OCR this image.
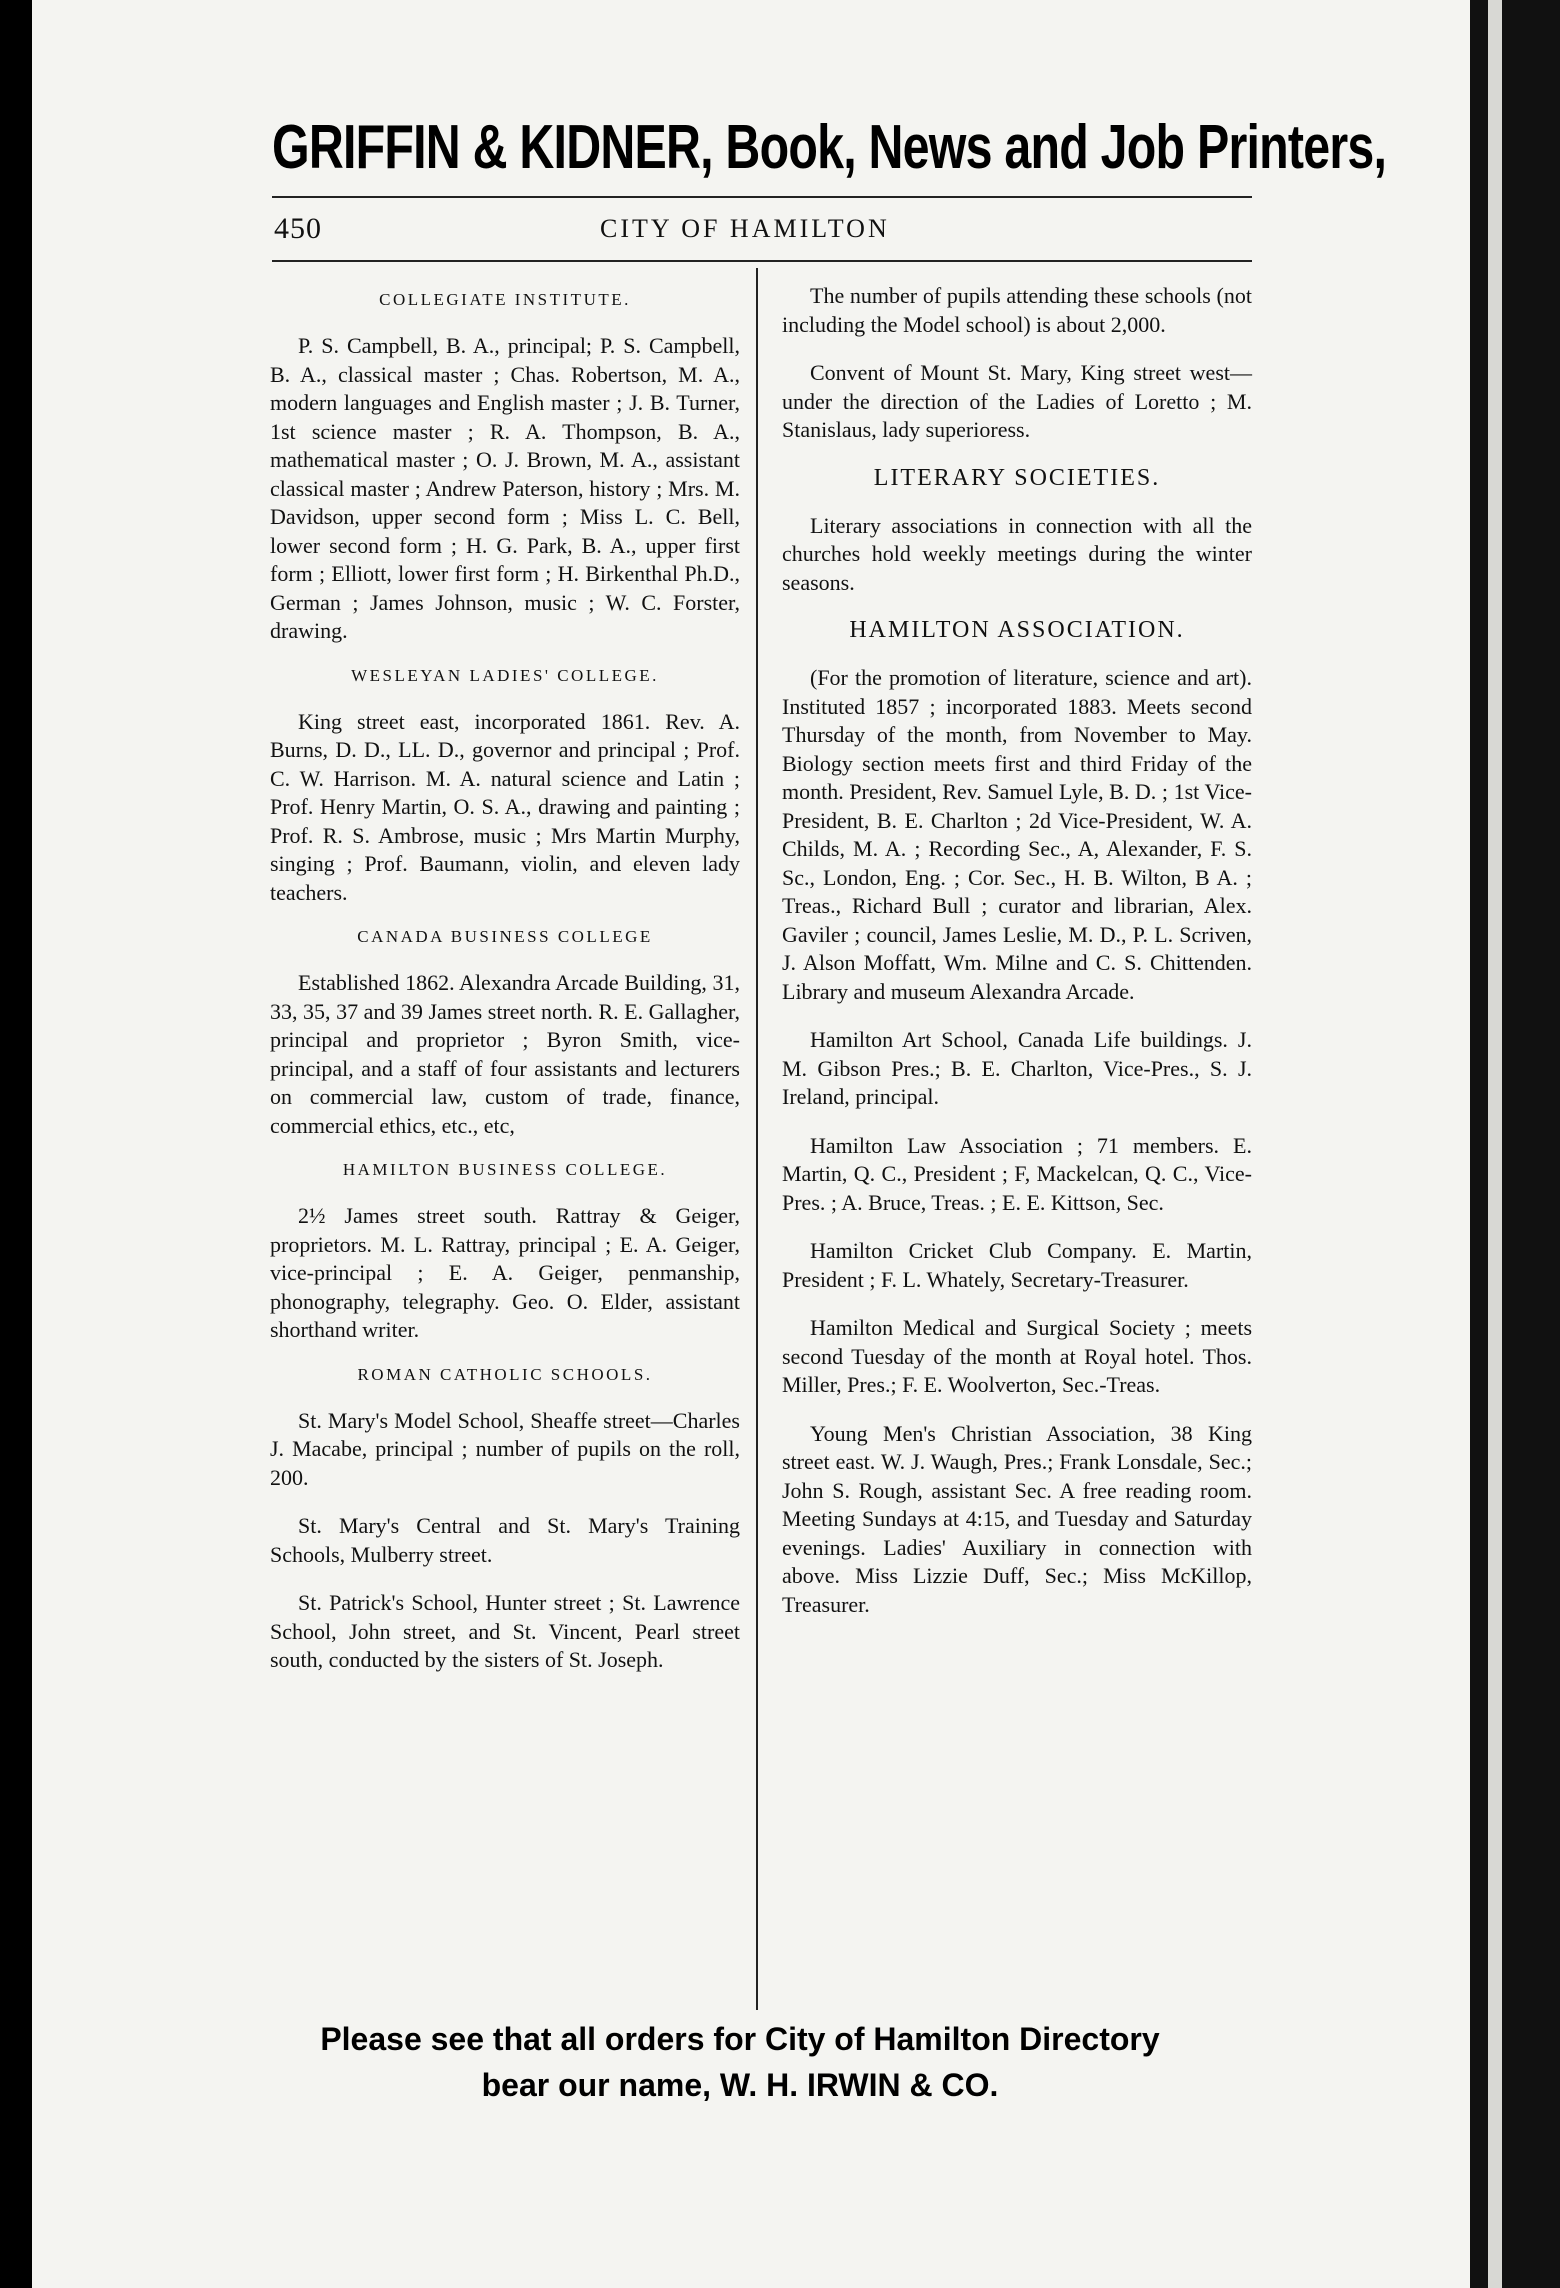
GRIFFIN & KIDNER, Book, News and Job Printers,
450	CITY OF HAMILTON
COLLEGIATE INSTITUTE.

P. S. Campbell, B. A., principal; P. S. Campbell, B. A., classical master ; Chas. Robertson, M. A., modern languages and English master ; J. B. Turner, 1st science master ; R. A. Thompson, B. A., mathematical master ; O. J. Brown, M. A., assistant classical master ; Andrew Paterson, history ; Mrs. M. Davidson, upper second form ; Miss L. C. Bell, lower second form ; H. G. Park, B. A., upper first form ; Elliott, lower first form ; H. Birkenthal Ph.D., German ; James Johnson, music ; W. C. Forster, drawing.

WESLEYAN LADIES' COLLEGE.

King street east, incorporated 1861. Rev. A. Burns, D. D., LL. D., governor and principal ; Prof. C. W. Harrison. M. A. natural science and Latin ; Prof. Henry Martin, O. S. A., drawing and painting ; Prof. R. S. Ambrose, music ; Mrs Martin Murphy, singing ; Prof. Baumann, violin, and eleven lady teachers.

CANADA BUSINESS COLLEGE

Established 1862. Alexandra Arcade Building, 31, 33, 35, 37 and 39 James street north. R. E. Gallagher, principal and proprietor ; Byron Smith, vice-principal, and a staff of four assistants and lecturers on commercial law, custom of trade, finance, commercial ethics, etc., etc,

HAMILTON BUSINESS COLLEGE.

2½ James street south. Rattray & Geiger, proprietors. M. L. Rattray, principal ; E. A. Geiger, vice-principal ; E. A. Geiger, penmanship, phonography, telegraphy. Geo. O. Elder, assistant shorthand writer.

ROMAN CATHOLIC SCHOOLS.

St. Mary's Model School, Sheaffe street—Charles J. Macabe, principal ; number of pupils on the roll, 200.

St. Mary's Central and St. Mary's Training Schools, Mulberry street.

St. Patrick's School, Hunter street ; St. Lawrence School, John street, and St. Vincent, Pearl street south, conducted by the sisters of St. Joseph.

The number of pupils attending these schools (not including the Model school) is about 2,000.

Convent of Mount St. Mary, King street west—under the direction of the Ladies of Loretto ; M. Stanislaus, lady superioress.

LITERARY SOCIETIES.

Literary associations in connection with all the churches hold weekly meetings during the winter seasons.

HAMILTON ASSOCIATION.

(For the promotion of literature, science and art). Instituted 1857 ; incorporated 1883. Meets second Thursday of the month, from November to May. Biology section meets first and third Friday of the month. President, Rev. Samuel Lyle, B. D. ; 1st Vice-President, B. E. Charlton ; 2d Vice-President, W. A. Childs, M. A. ; Recording Sec., A, Alexander, F. S. Sc., London, Eng. ; Cor. Sec., H. B. Wilton, B A. ; Treas., Richard Bull ; curator and librarian, Alex. Gaviler ; council, James Leslie, M. D., P. L. Scriven, J. Alson Moffatt, Wm. Milne and C. S. Chittenden. Library and museum Alexandra Arcade.

Hamilton Art School, Canada Life buildings. J. M. Gibson Pres.; B. E. Charlton, Vice-Pres., S. J. Ireland, principal.

Hamilton Law Association ; 71 members. E. Martin, Q. C., President ; F, Mackelcan, Q. C., Vice-Pres. ; A. Bruce, Treas. ; E. E. Kittson, Sec.

Hamilton Cricket Club Company. E. Martin, President ; F. L. Whately, Secretary-Treasurer.

Hamilton Medical and Surgical Society ; meets second Tuesday of the month at Royal hotel. Thos. Miller, Pres.; F. E. Woolverton, Sec.-Treas.

Young Men's Christian Association, 38 King street east. W. J. Waugh, Pres.; Frank Lonsdale, Sec.; John S. Rough, assistant Sec. A free reading room. Meeting Sundays at 4:15, and Tuesday and Saturday evenings. Ladies' Auxiliary in connection with above. Miss Lizzie Duff, Sec.; Miss McKillop, Treasurer.

Please see that all orders for City of Hamilton Directory
bear our name, W. H. IRWIN & CO.
